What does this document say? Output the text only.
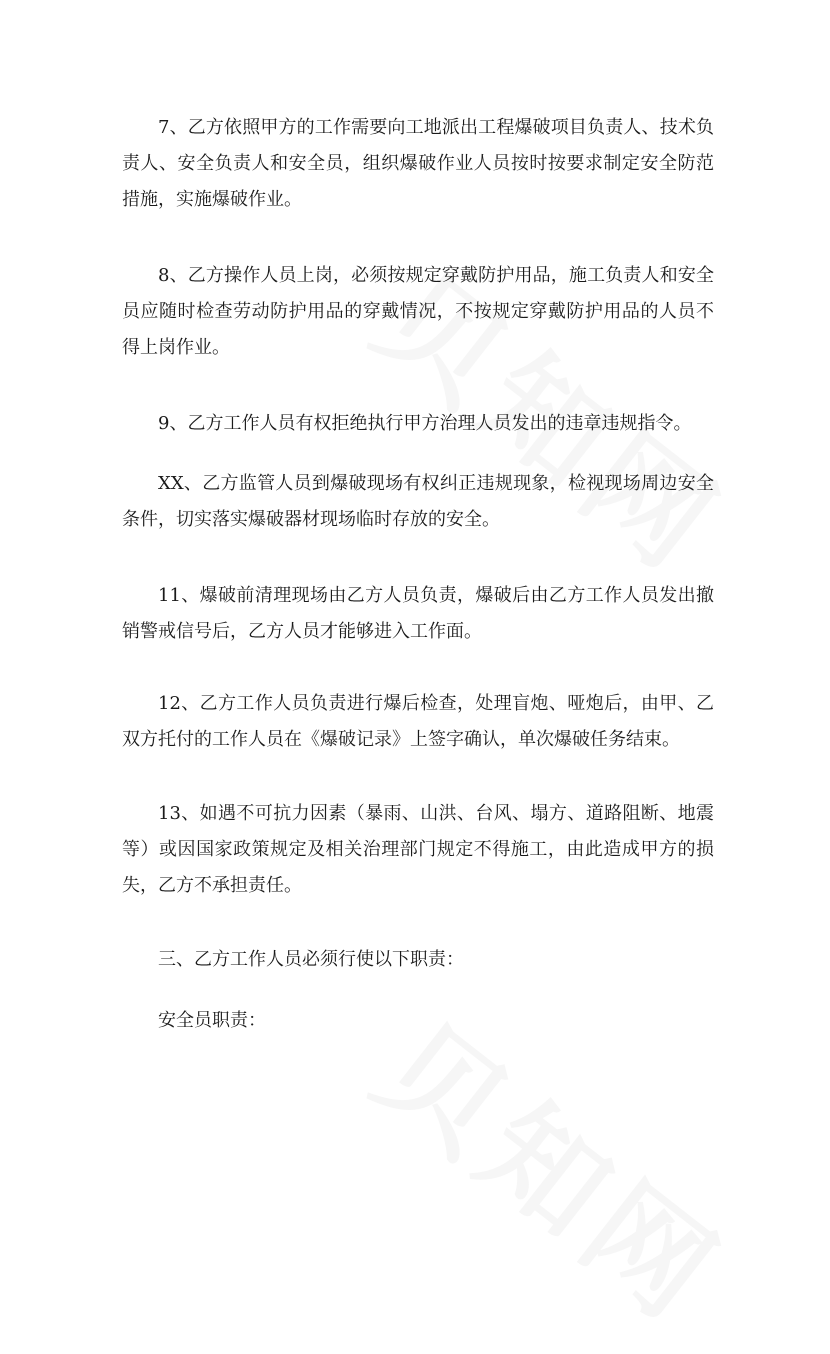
7、乙方依照甲方的工作需要向工地派出工程爆破项目负责人、技术负责人、安全负责人和安全员，组织爆破作业人员按时按要求制定安全防范措施，实施爆破作业。

8、乙方操作人员上岗，必须按规定穿戴防护用品，施工负责人和安全员应随时检查劳动防护用品的穿戴情况，不按规定穿戴防护用品的人员不得上岗作业。

9、乙方工作人员有权拒绝执行甲方治理人员发出的违章违规指令。

XX、乙方监管人员到爆破现场有权纠正违规现象，检视现场周边安全条件，切实落实爆破器材现场临时存放的安全。

11、爆破前清理现场由乙方人员负责，爆破后由乙方工作人员发出撤销警戒信号后，乙方人员才能够进入工作面。

12、乙方工作人员负责进行爆后检查，处理盲炮、哑炮后，由甲、乙双方托付的工作人员在《爆破记录》上签字确认，单次爆破任务结束。

13、如遇不可抗力因素（暴雨、山洪、台风、塌方、道路阻断、地震等）或因国家政策规定及相关治理部门规定不得施工，由此造成甲方的损失，乙方不承担责任。

三、乙方工作人员必须行使以下职责：

安全员职责：
